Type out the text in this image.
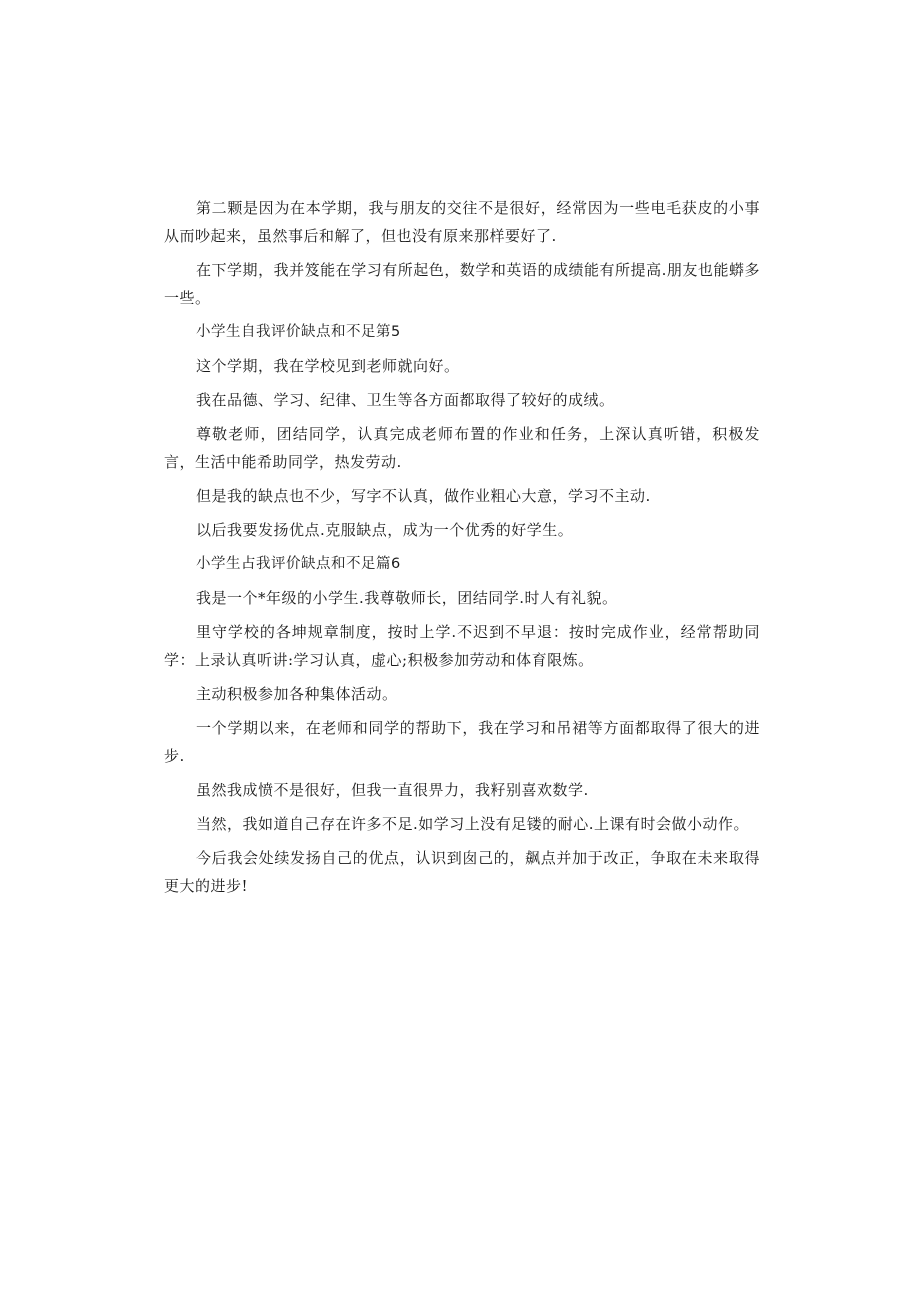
第二颗是因为在本学期，我与朋友的交往不是很好，经常因为一些电毛获皮的小事从而吵起来，虽然事后和解了，但也没有原来那样要好了.

在下学期，我并笈能在学习有所起色，数学和英语的成绩能有所提高.朋友也能蟒多一些。

小学生自我评价缺点和不足第5

这个学期，我在学校见到老师就向好。

我在品德、学习、纪律、卫生等各方面都取得了较好的成绒。

尊敬老师，团结同学，认真完成老师布置的作业和任务，上深认真听错，积极发言，生活中能希助同学，热发劳动.

但是我的缺点也不少，写字不认真，做作业粗心大意，学习不主动.

以后我要发扬优点.克服缺点，成为一个优秀的好学生。

小学生占我评价缺点和不足篇6

我是一个*年级的小学生.我尊敬师长，团结同学.时人有礼貌。

里守学校的各坤规章制度，按时上学.不迟到不早退：按时完成作业，经常帮助同学：上录认真听讲:学习认真，虚心;积极参加劳动和体育限炼。

主动积极参加各种集体活动。

一个学期以来，在老师和同学的帮助下，我在学习和吊裙等方面都取得了很大的进步.

虽然我成愤不是很好，但我一直很畀力，我籽别喜欢数学.

当然，我如道自己存在许多不足.如学习上没有足镂的耐心.上课有时会做小动作。

今后我会处续发扬自己的优点，认识到囱己的，飙点并加于改正，争取在未来取得更大的进步!
